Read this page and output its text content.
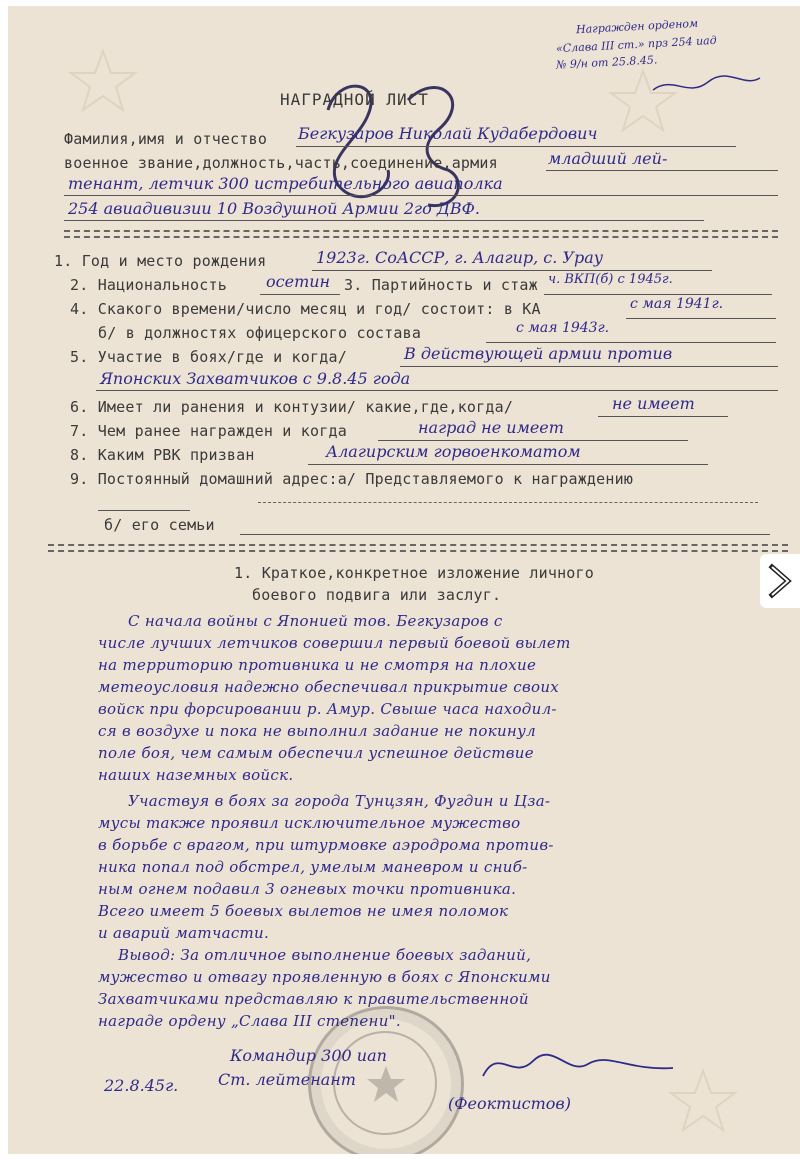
Награжден орденом
«Слава III ст.» прз 254 иад
№ 9/н от 25.8.45.
НАГРАДНОЙ ЛИСТ
Фамилия,имя и отчество Бегкузаров Николай Кудабердович
военное звание,должность,часть,соединение,армия	младший лей-
тенант, летчик 300 истребительного авиаполка
254 авиадивизии 10 Воздушной Армии 2го ДВФ.
1. Год и место рождения	1923г. СоАССР, г. Алагир, с. Урау
2. Национальность осетин 3. Партийность и стаж ч. ВКП(б) с 1945г.
4. Скакого времени/число месяц и год/ состоит: в КА	с мая 1941г.
б/ в должностях офицерского состава	с мая 1943г.
5. Участие в боях/где и когда/	В действующей армии против
Японских Захватчиков с 9.8.45 года
6. Имеет ли ранения и контузии/ какие,где,когда/	не имеет
7. Чем ранее награжден и когда	наград не имеет
8. Каким РВК призван	Алагирским горвоенкоматом
9. Постоянный домашний адрес:а/ Представляемого к награждению
б/ его семьи
1. Краткое,конкретное изложение личного
боевого подвига или заслуг.
С начала войны с Японией тов. Бегкузаров с
числе лучших летчиков совершил первый боевой вылет
на территорию противника и не смотря на плохие
метеоусловия надежно обеспечивал прикрытие своих
войск при форсировании р. Амур. Свыше часа находил-
ся в воздухе и пока не выполнил задание не покинул
поле боя, чем самым обеспечил успешное действие
наших наземных войск.
Участвуя в боях за города Тунцзян, Фугдин и Цза-
мусы также проявил исключительное мужество
в борьбе с врагом, при штурмовке аэродрома против-
ника попал под обстрел, умелым маневром и сниб-
ным огнем подавил 3 огневых точки противника.
Всего имеет 5 боевых вылетов не имея поломок
и аварий матчасти.
Вывод: За отличное выполнение боевых заданий,
мужество и отвагу проявленную в боях с Японскими
Захватчиками представляю к правительственной
награде ордену „Слава III степени".
Командир 300 иап
Ст. лейтенант
(Феоктистов)
22.8.45г.
